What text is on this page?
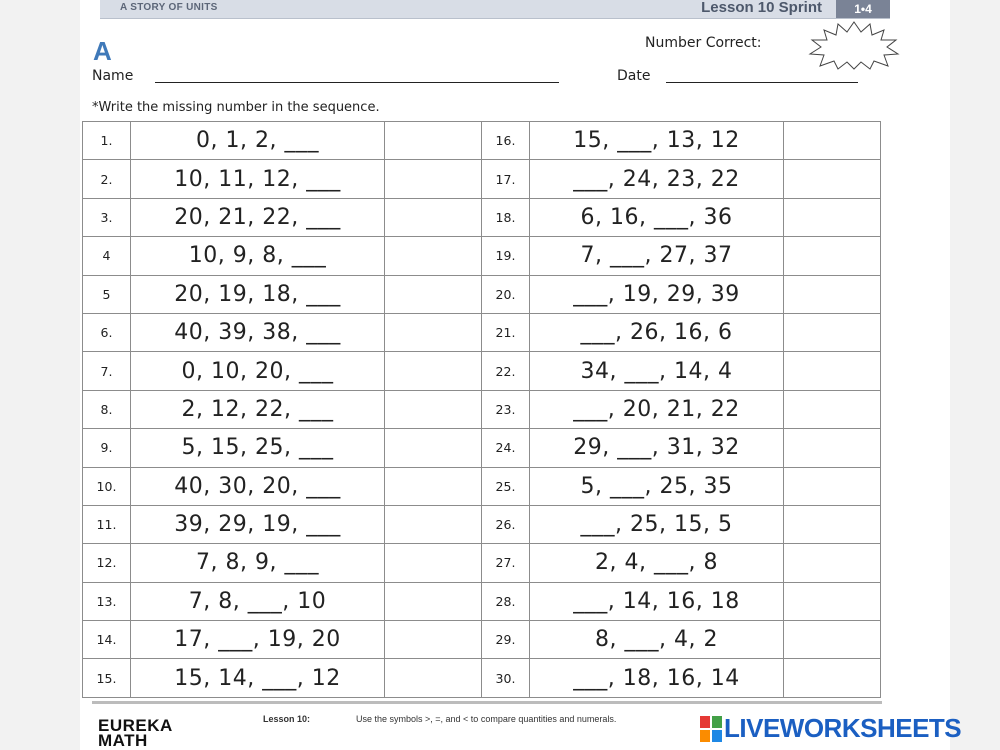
A STORY OF UNITS	Lesson 10 Sprint	1•4
A	Number Correct:
Name	Date
*Write the missing number in the sequence.
1.	0, 1, 2, ___		16.	15, ___, 13, 12	
2.	10, 11, 12, ___		17.	___, 24, 23, 22	
3.	20, 21, 22, ___		18.	6, 16, ___, 36	
4	10, 9, 8, ___		19.	7, ___, 27, 37	
5	20, 19, 18, ___		20.	___, 19, 29, 39	
6.	40, 39, 38, ___		21.	___, 26, 16, 6	
7.	0, 10, 20, ___		22.	34, ___, 14, 4	
8.	2, 12, 22, ___		23.	___, 20, 21, 22	
9.	5, 15, 25, ___		24.	29, ___, 31, 32	
10.	40, 30, 20, ___		25.	5, ___, 25, 35	
11.	39, 29, 19, ___		26.	___, 25, 15, 5	
12.	7, 8, 9, ___		27.	2, 4, ___, 8	
13.	7, 8, ___, 10		28.	___, 14, 16, 18	
14.	17, ___, 19, 20		29.	8, ___, 4, 2	
15.	15, 14, ___, 12		30.	___, 18, 16, 14	
EUREKA
MATH
Lesson 10:	Use the symbols >, =, and < to compare quantities and numerals.	LIVEWORKSHEETS
